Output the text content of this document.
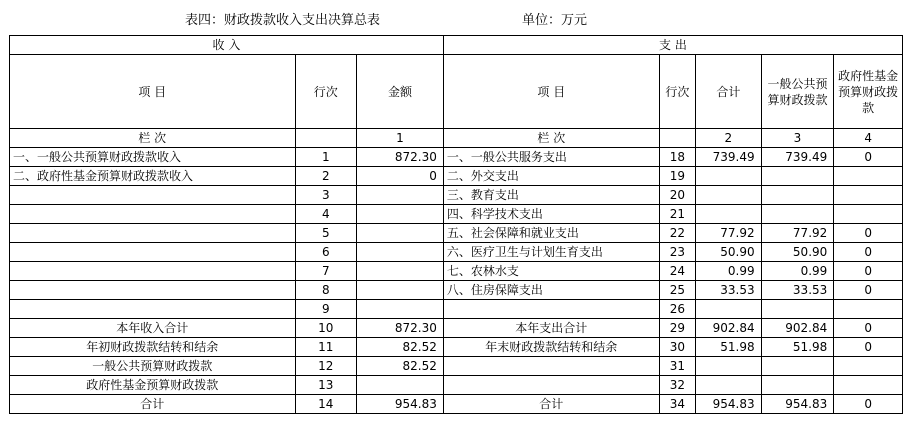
表四：财政拨款收入支出决算总表	单位：万元
收 入			支 出				
项 目	行次	金额	项 目	行次	合计	一般公共预算财政拨款	政府性基金预算财政拨款
栏 次		1	栏 次		2	3	4
一、一般公共预算财政拨款收入	1	872.30	一、一般公共服务支出	18	739.49	739.49	0
二、政府性基金预算财政拨款收入	2	0	二、外交支出	19			
	3		三、教育支出	20			
	4		四、科学技术支出	21			
	5		五、社会保障和就业支出	22	77.92	77.92	0
	6		六、医疗卫生与计划生育支出	23	50.90	50.90	0
	7		七、农林水支	24	0.99	0.99	0
	8		八、住房保障支出	25	33.53	33.53	0
	9			26			
本年收入合计	10	872.30	本年支出合计	29	902.84	902.84	0
年初财政拨款结转和结余	11	82.52	年末财政拨款结转和结余	30	51.98	51.98	0
一般公共预算财政拨款	12	82.52		31			
政府性基金预算财政拨款	13			32			
合计	14	954.83	合计	34	954.83	954.83	0
